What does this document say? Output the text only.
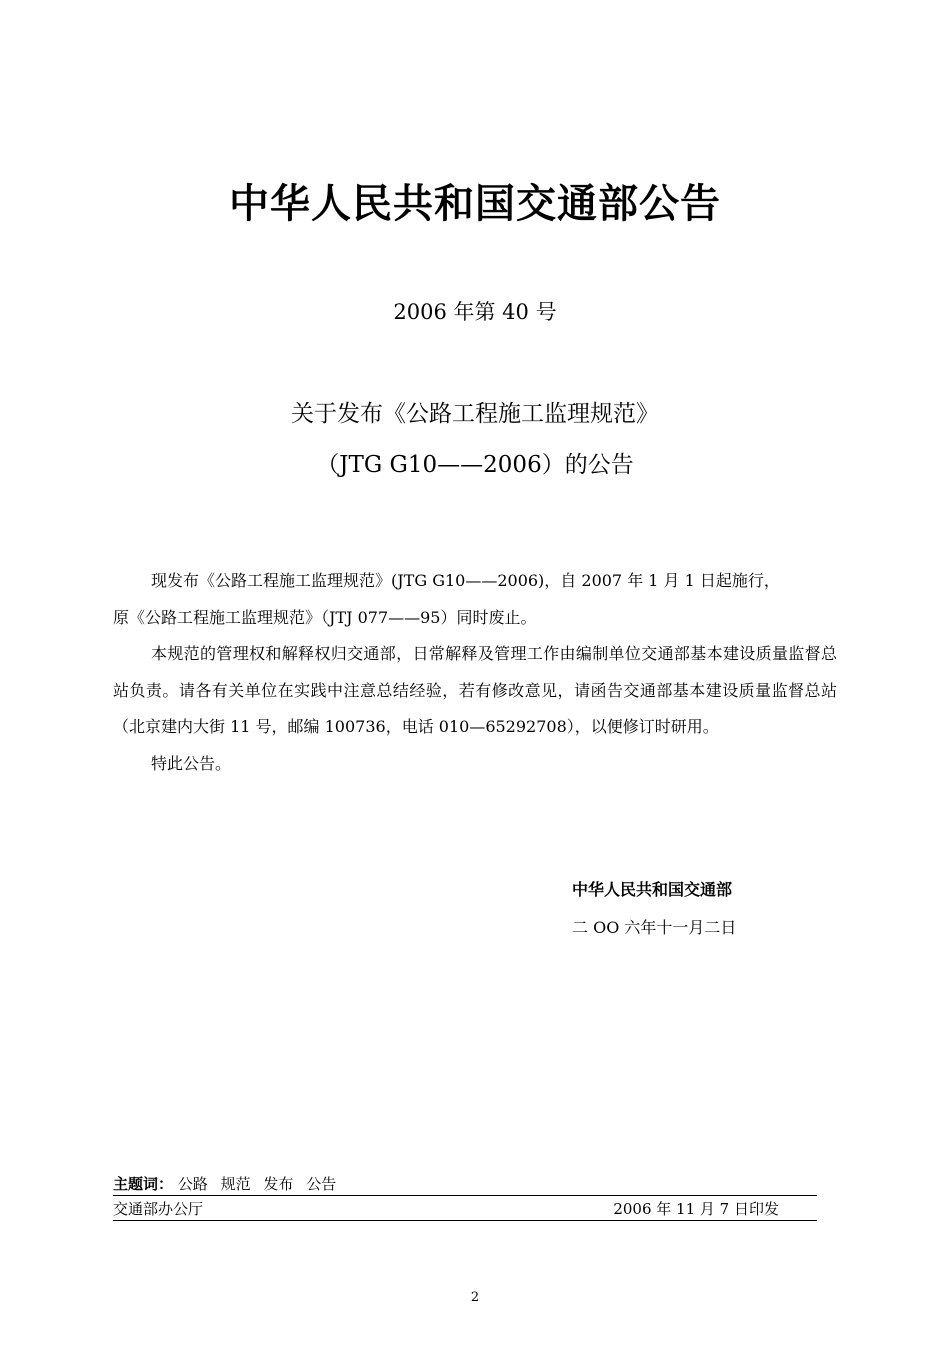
中华人民共和国交通部公告
2006 年第 40 号
关于发布《公路工程施工监理规范》
（JTG G10——2006）的公告

现发布《公路工程施工监理规范》(JTG G10——2006)，自 2007 年 1 月 1 日起施行，

原《公路工程施工监理规范》（JTJ 077——95）同时废止。

本规范的管理权和解释权归交通部，日常解释及管理工作由编制单位交通部基本建设质量监督总站负责。请各有关单位在实践中注意总结经验，若有修改意见，请函告交通部基本建设质量监督总站（北京建内大街 11 号，邮编 100736，电话 010—65292708），以便修订时研用。

特此公告。

中华人民共和国交通部
二 OO 六年十一月二日
主题词： 公路 规范 发布 公告
交通部办公厅	2006 年 11 月 7 日印发
2
